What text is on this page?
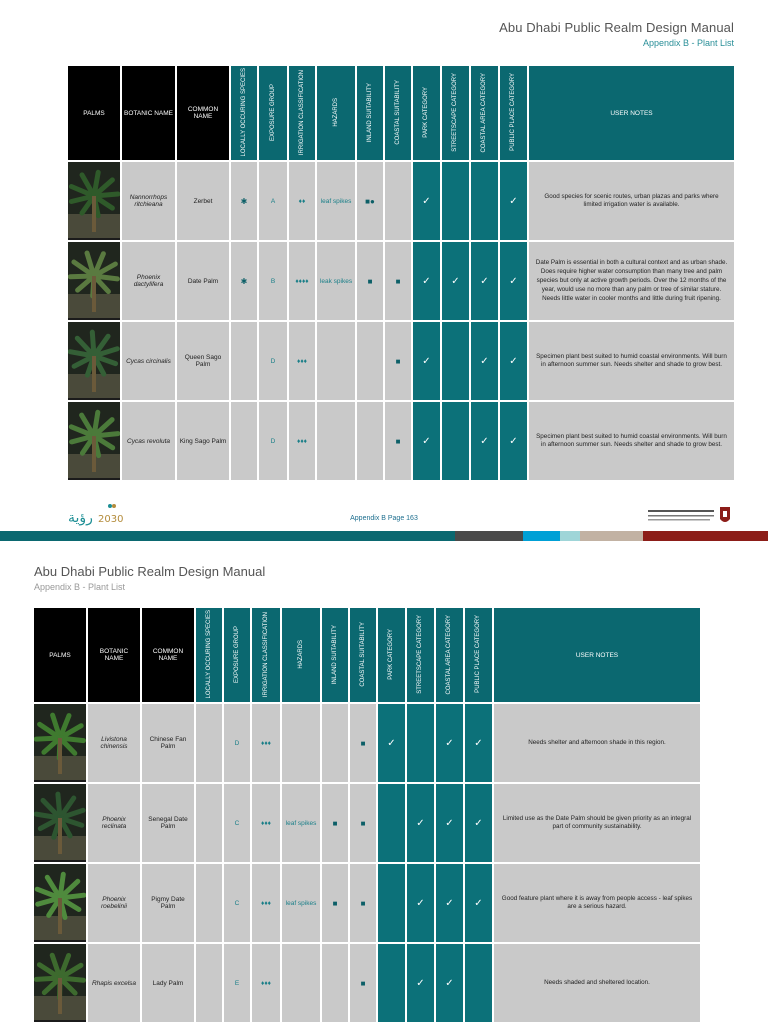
Abu Dhabi Public Realm Design Manual
Appendix B - Plant List
PALMS	BOTANIC NAME	COMMON NAME	LOCALLY OCCURING SPECIES	EXPOSURE GROUP	IRRIGATION CLASSIFICATION	HAZARDS	INLAND SUITABILITY	COASTAL SUITABILITY	PARK CATEGORY	STREETSCAPE CATEGORY	COASTAL AREA CATEGORY	PUBLIC PLACE CATEGORY	USER NOTES

	Nannorrhops ritchieana	Zerbet	✱	A	♦♦	leaf spikes	■●		✓			✓	Good species for scenic routes, urban plazas and parks where limited irrigation water is available.

	Phoenix dactylifera	Date Palm	✱	B	♦♦♦♦	leak spikes	■	■	✓	✓	✓	✓	Date Palm is essential in both a cultural context and as urban shade. Does require higher water consumption than many tree and palm species but only at active growth periods. Over the 12 months of the year, would use no more than any palm or tree of similar stature. Needs little water in cooler months and little during fruit ripening.

	Cycas circinalis	Queen Sago Palm		D	♦♦♦			■	✓		✓	✓	Specimen plant best suited to humid coastal environments. Will burn in afternoon summer sun. Needs shelter and shade to grow best.

	Cycas revoluta	King Sago Palm		D	♦♦♦			■	✓		✓	✓	Specimen plant best suited to humid coastal environments. Will burn in afternoon summer sun. Needs shelter and shade to grow best.
رؤية 2030	Appendix B Page 163
Abu Dhabi Public Realm Design Manual
Appendix B - Plant List
PALMS	BOTANIC NAME	COMMON NAME	LOCALLY OCCURING SPECIES	EXPOSURE GROUP	IRRIGATION CLASSIFICATION	HAZARDS	INLAND SUITABILITY	COASTAL SUITABILITY	PARK CATEGORY	STREETSCAPE CATEGORY	COASTAL AREA CATEGORY	PUBLIC PLACE CATEGORY	USER NOTES

	Livistona chinensis	Chinese Fan Palm		D	♦♦♦			■	✓		✓	✓	Needs shelter and afternoon shade in this region.

	Phoenix reclinata	Senegal Date Palm		C	♦♦♦	leaf spikes	■	■		✓	✓	✓	Limited use as the Date Palm should be given priority as an integral part of community sustainability.

	Phoenix roebelinii	Pigmy Date Palm		C	♦♦♦	leaf spikes	■	■		✓	✓	✓	Good feature plant where it is away from people access - leaf spikes are a serious hazard.

	Rhapis excelsa	Lady Palm		E	♦♦♦			■		✓	✓		Needs shaded and sheltered location.
